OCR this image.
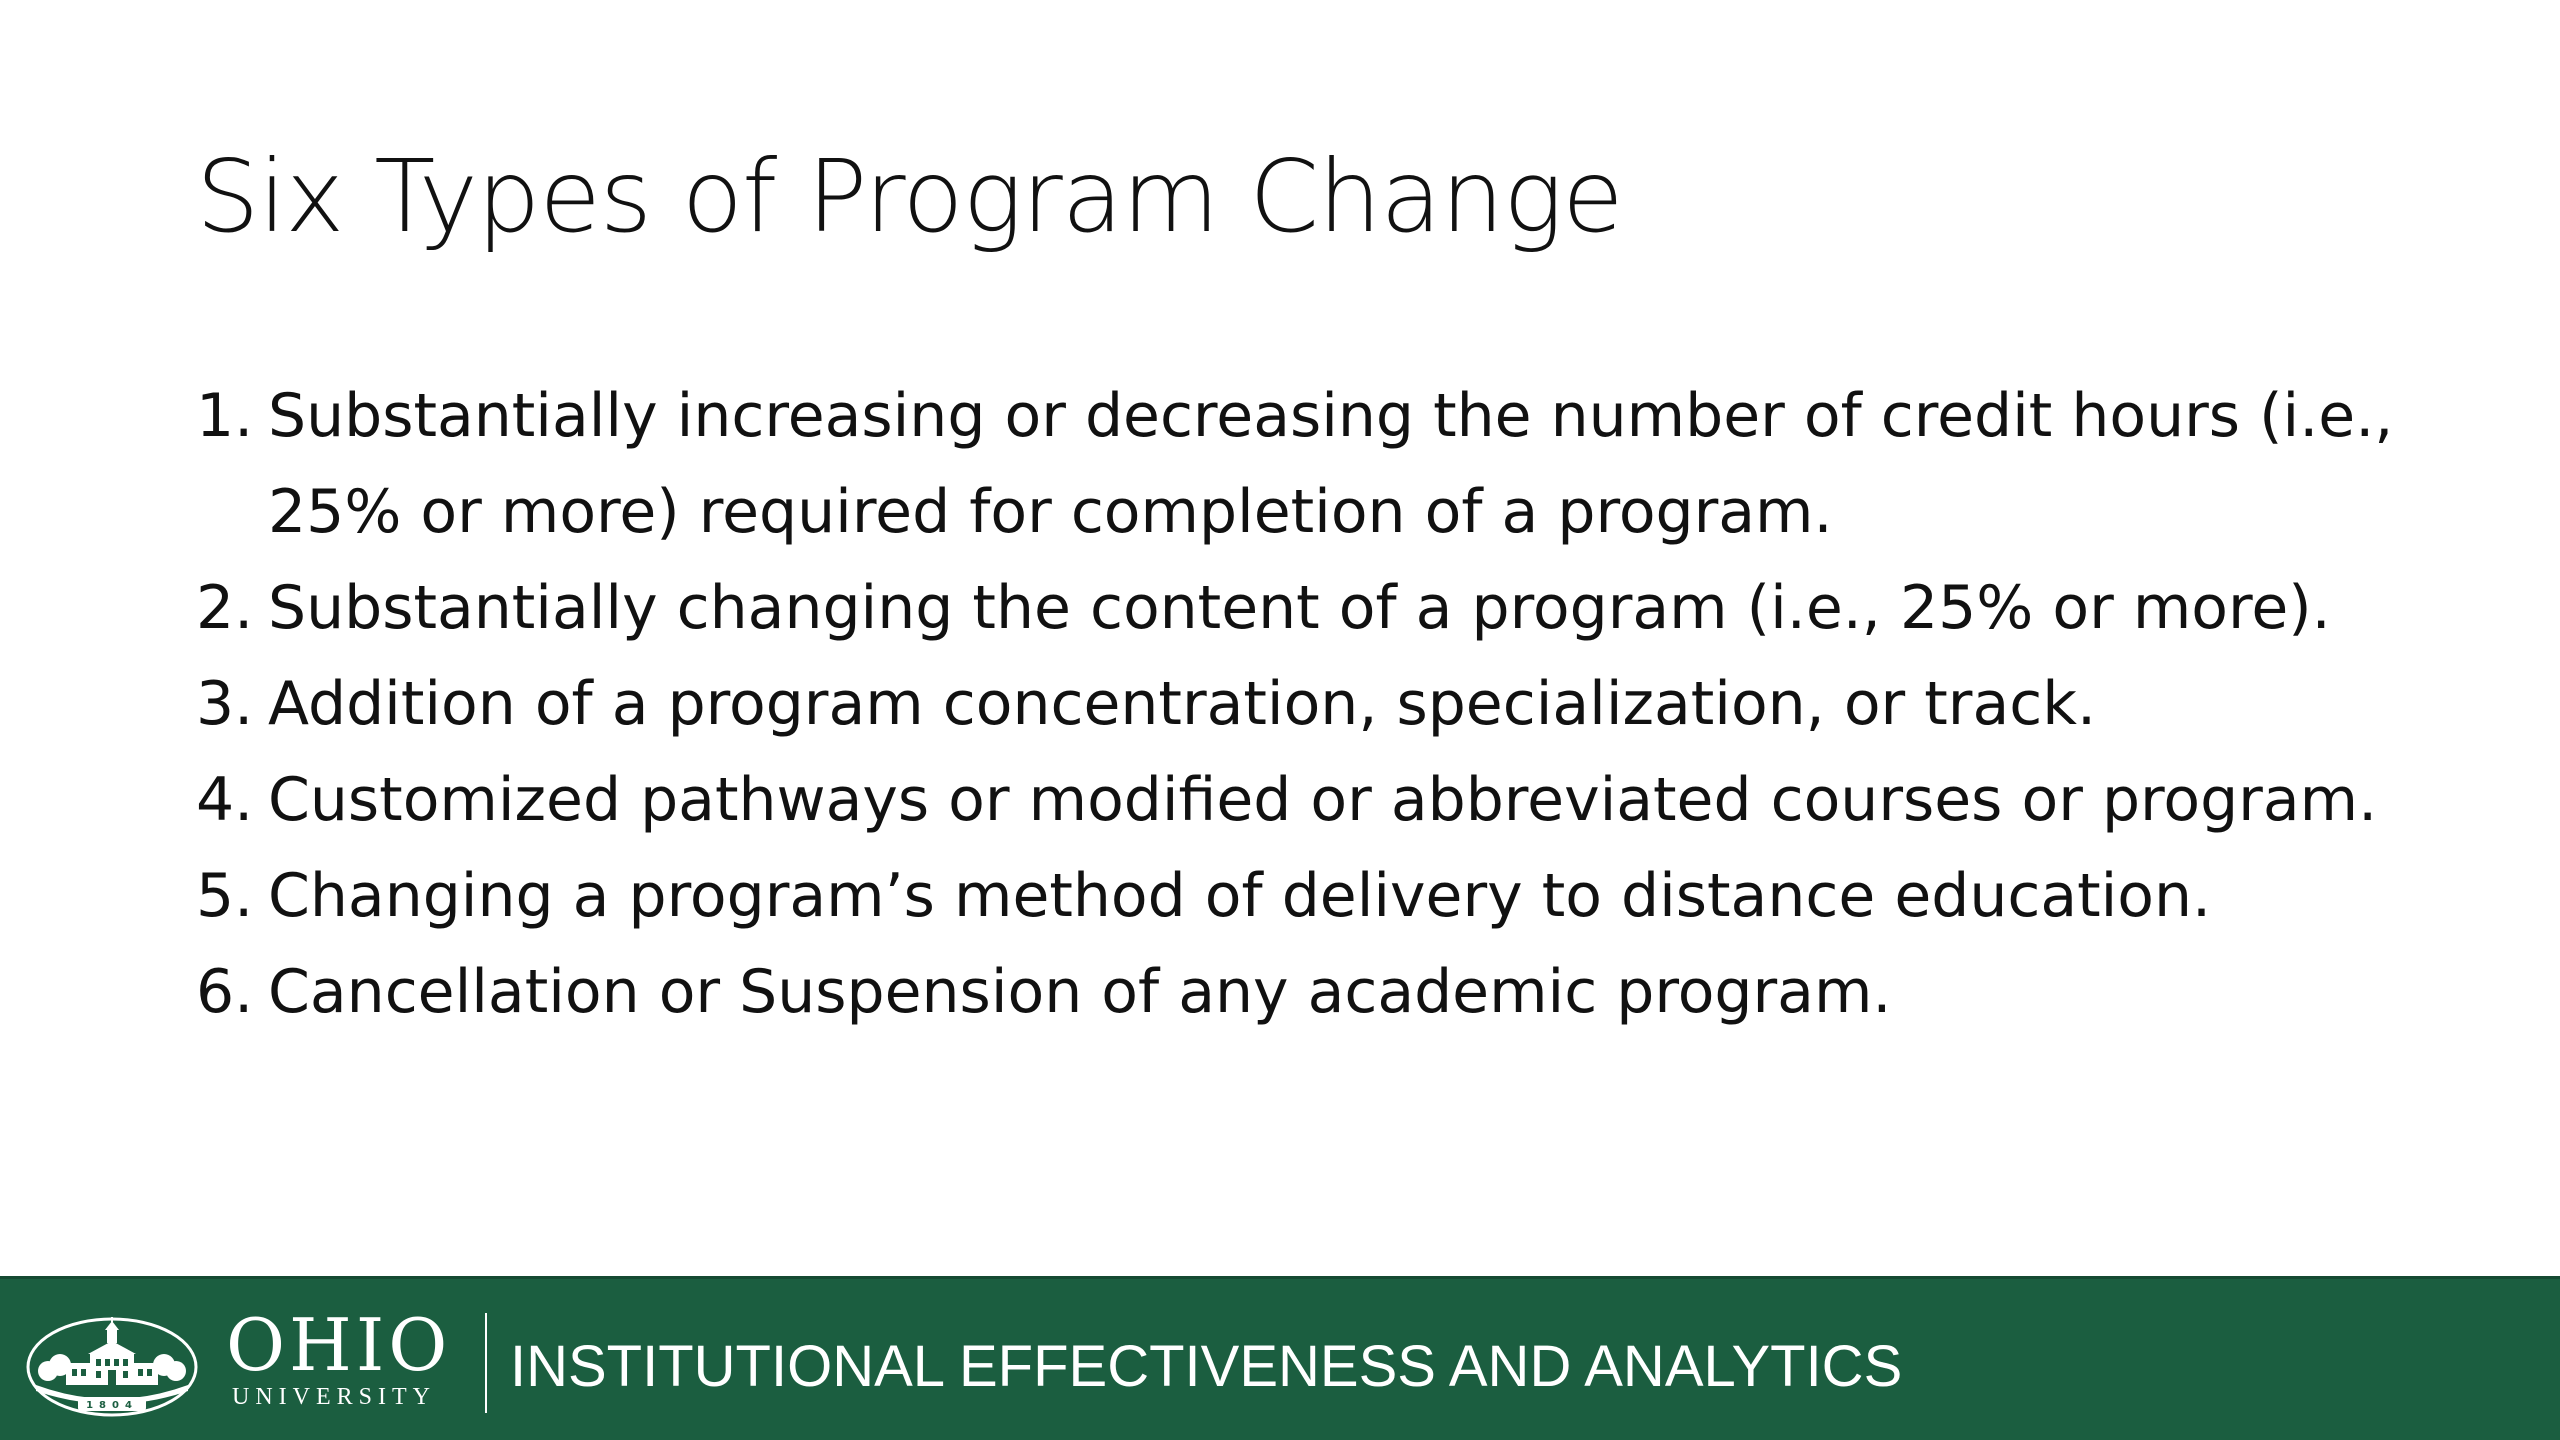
Six Types of Program Change
1. Substantially increasing or decreasing the number of credit hours (i.e., 25% or more) required for completion of a program.
2. Substantially changing the content of a program (i.e., 25% or more).
3. Addition of a program concentration, specialization, or track.
4. Customized pathways or modified or abbreviated courses or program.
5. Changing a program’s method of delivery to distance education.
6. Cancellation or Suspension of any academic program.
1804
OHIO
UNIVERSITY INSTITUTIONAL EFFECTIVENESS AND ANALYTICS
